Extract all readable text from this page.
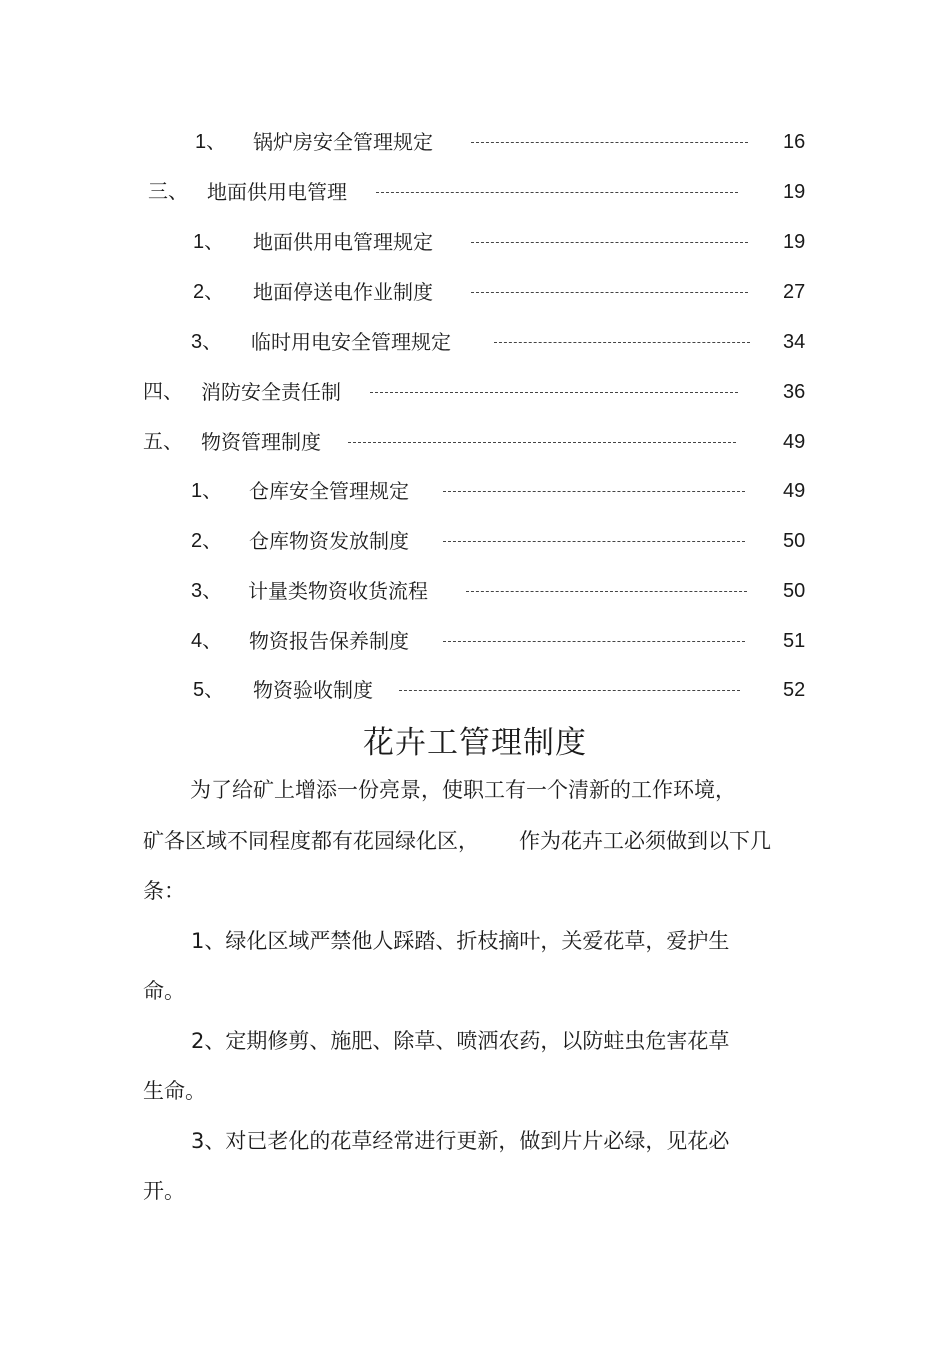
1、 锅炉房安全管理规定	16
三、 地面供用电管理	19
1、 地面供用电管理规定	19
2、 地面停送电作业制度	27
3、 临时用电安全管理规定	34
四、 消防安全责任制	36
五、 物资管理制度	49
1、 仓库安全管理规定	49
2、 仓库物资发放制度	50
3、 计量类物资收货流程	50
4、 物资报告保养制度	51
5、 物资验收制度	52
花卉工管理制度
为了给矿上增添一份亮景，使职工有一个清新的工作环境，
矿各区域不同程度都有花园绿化区， 作为花卉工必须做到以下几
条：
1、绿化区域严禁他人踩踏、折枝摘叶，关爱花草，爱护生
命。
2、定期修剪、施肥、除草、喷洒农药，以防蛀虫危害花草
生命。
3、对已老化的花草经常进行更新，做到片片必绿，见花必
开。
